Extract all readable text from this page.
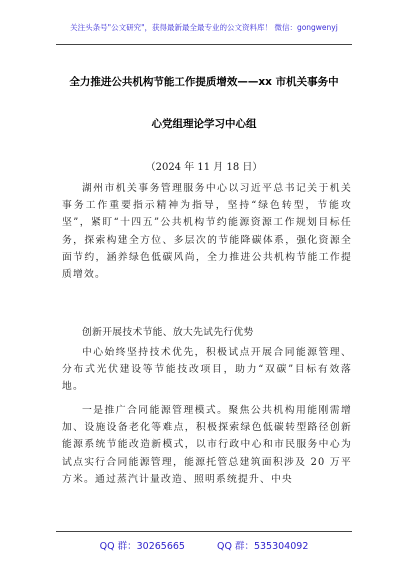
关注头条号"公文研究"，获得最新最全最专业的公文资料库！ 微信：gongwenyj
全力推进公共机构节能工作提质增效——xx 市机关事务中
心党组理论学习中心组
（2024 年 11 月 18 日）

湖州市机关事务管理服务中心以习近平总书记关于机关事务工作重要指示精神为指导，坚持“绿色转型，节能攻坚”，紧盯“十四五”公共机构节约能源资源工作规划目标任务，探索构建全方位、多层次的节能降碳体系，强化资源全面节约，涵养绿色低碳风尚，全力推进公共机构节能工作提质增效。

创新开展技术节能、放大先试先行优势

中心始终坚持技术优先，积极试点开展合同能源管理、分布式光伏建设等节能技改项目，助力“双碳”目标有效落地。

一是推广合同能源管理模式。聚焦公共机构用能刚需增加、设施设备老化等难点，积极探索绿色低碳转型路径创新能源系统节能改造新模式，以市行政中心和市民服务中心为试点实行合同能源管理，能源托管总建筑面积涉及 20 万平方米。通过蒸汽计量改造、照明系统提升、中央

QQ 群：30265665	QQ 群：535304092
